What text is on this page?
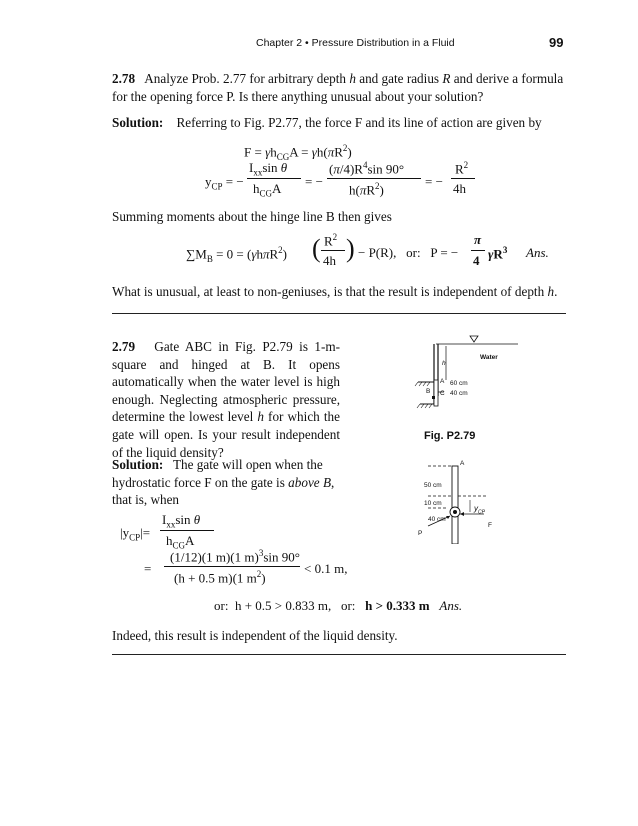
Chapter 2 • Pressure Distribution in a Fluid	99
2.78   Analyze Prob. 2.77 for arbitrary depth h and gate radius R and derive a formula for the opening force P. Is there anything unusual about your solution?
Solution: Referring to Fig. P2.77, the force F and its line of action are given by
$F = \gamma h_{CG}A = \gamma h(\pi R^2)$
$y_{CP}$ = −
$I_{xx}\sin$ θ
$h_{CG}A$ = −
$(\pi/4)R^4\sin$ 90°
$h(\pi R^2)$
= −
$R^2$
4h
Summing moments about the hinge line B then gives
$\sum M_B = 0 = (\gamma h\pi R^2)$ ( $R^2$
4h ) − P(R),   or:   P = −
π
4 $\gamma R^3$ Ans.
What is unusual, at least to non-geniuses, is that the result is independent of depth h.
2.79   Gate ABC in Fig. P2.79 is 1-m-square and hinged at B. It opens automatically when the water level is high enough. Neglecting atmospheric pressure, determine the lowest level h for which the gate will open. Is your result independent of the liquid density?
Solution:   The gate will open when the hydrostatic force F on the gate is above B, that is, when
$|y_{CP}|=$
$I_{xx}\sin$ θ
$h_{CG}A$
=
(1/12)(1 m)(1 m)$^3$sin 90°
(h + 0.5 m)(1 $m^2$)
< 0.1 m,
or:  h + 0.5 > 0.833 m,   or:   h > 0.333 m Ans.
Indeed, this result is independent of the liquid density.
Water
h
A
B C
60 cm
40 cm
A
50 cm
10 cm
40 cm
$y_{CP}$
F
P
Fig. P2.79
